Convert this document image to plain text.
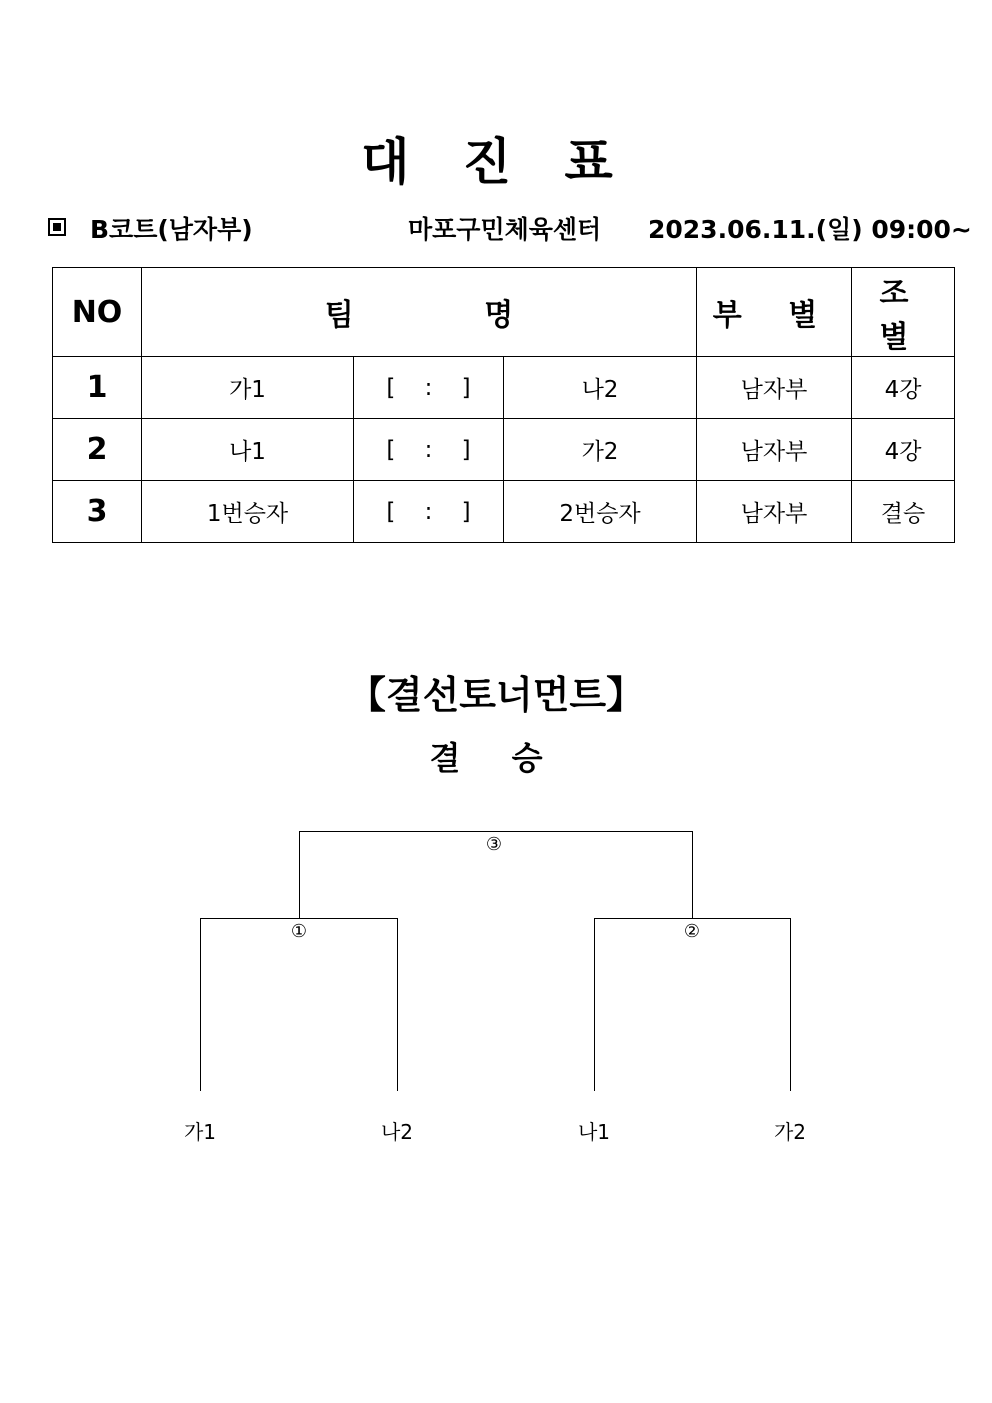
대 진 표
B코트(남자부)	마포구민체육센터 2023.06.11.(일) 09:00~
NO	팀 명			부 별	조 별
1	가1	[    :    ]	나2	남자부	4강
2	나1	[    :    ]	가2	남자부	4강
3	1번승자	[    :    ]	2번승자	남자부	결승
【결선토너먼트】
결 승
③
①	②
가1	나2	나1	가2
